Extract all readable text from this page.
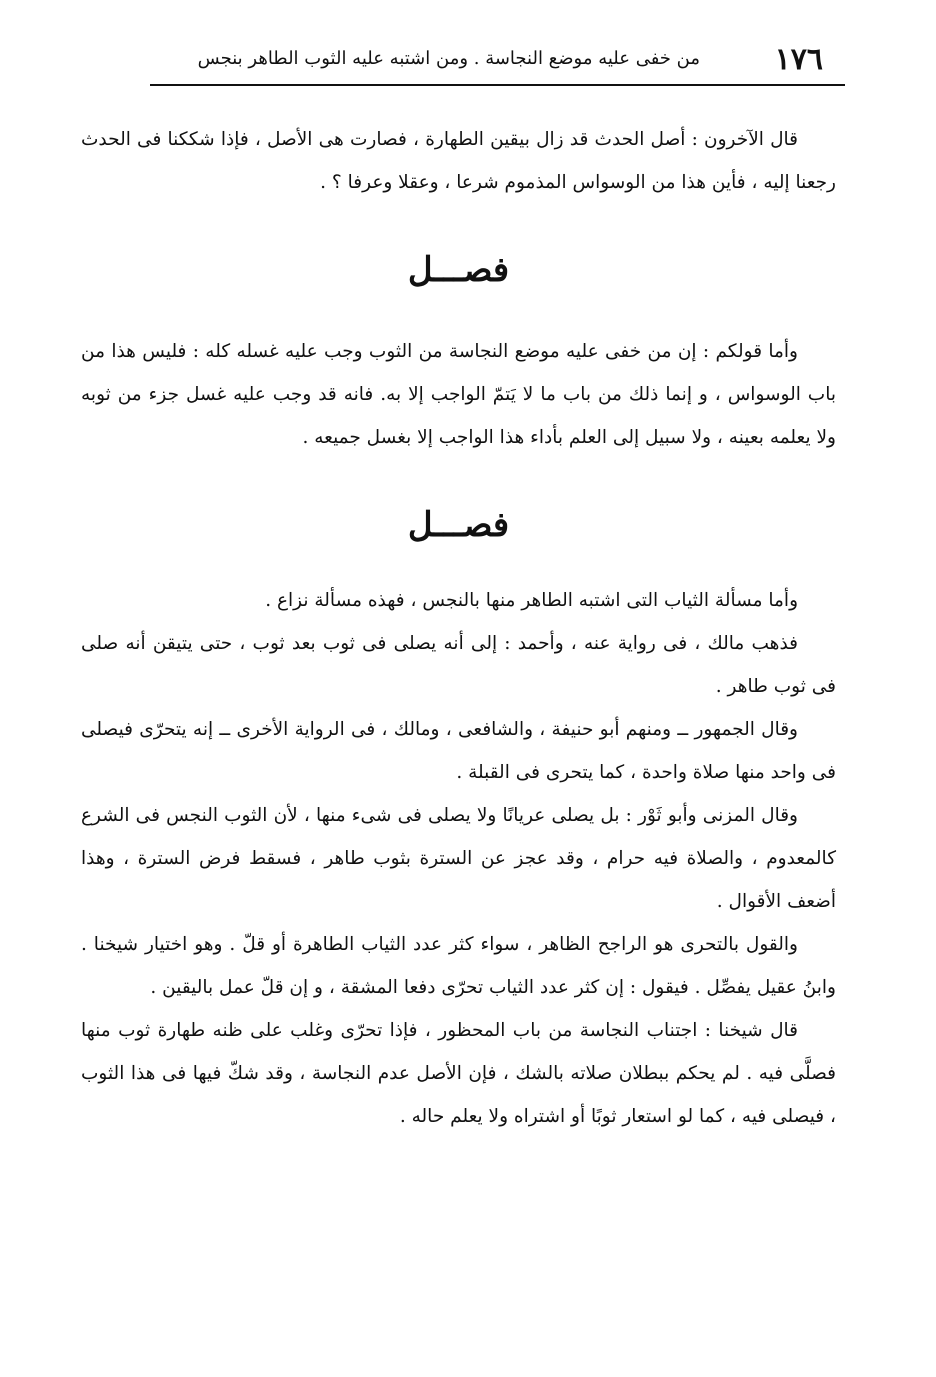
١٧٦
من خفى عليه موضع النجاسة . ومن اشتبه عليه الثوب الطاهر بنجس

قال الآخرون : أصل الحدث قد زال بيقين الطهارة ، فصارت هى الأصل ، فإذا شككنا فى الحدث رجعنا إليه ، فأين هذا من الوسواس المذموم شرعا ، وعقلا وعرفا ؟ .

فصـــل

وأما قولكم : إن من خفى عليه موضع النجاسة من الثوب وجب عليه غسله كله : فليس هذا من باب الوسواس ، و إنما ذلك من باب ما لا يَتمّ الواجب إلا به. فانه قد وجب عليه غسل جزء من ثوبه ولا يعلمه بعينه ، ولا سبيل إلى العلم بأداء هذا الواجب إلا بغسل جميعه .

فصـــل

وأما مسألة الثياب التى اشتبه الطاهر منها بالنجس ، فهذه مسألة نزاع .

فذهب مالك ، فى رواية عنه ، وأحمد : إلى أنه يصلى فى ثوب بعد ثوب ، حتى يتيقن أنه صلى فى ثوب طاهر .

وقال الجمهور ــ ومنهم أبو حنيفة ، والشافعى ، ومالك ، فى الرواية الأخرى ــ إنه يتحرّى فيصلى فى واحد منها صلاة واحدة ، كما يتحرى فى القبلة .

وقال المزنى وأبو ثَوْر : بل يصلى عريانًا ولا يصلى فى شىء منها ، لأن الثوب النجس فى الشرع كالمعدوم ، والصلاة فيه حرام ، وقد عجز عن السترة بثوب طاهر ، فسقط فرض السترة ، وهذا أضعف الأقوال .

والقول بالتحرى هو الراجح الظاهر ، سواء كثر عدد الثياب الطاهرة أو قلّ . وهو اختيار شيخنا . وابنُ عقيل يفصِّل . فيقول : إن كثر عدد الثياب تحرّى دفعا المشقة ، و إن قلّ عمل باليقين .

قال شيخنا : اجتناب النجاسة من باب المحظور ، فإذا تحرّى وغلب على ظنه طهارة ثوب منها فصلَّى فيه . لم يحكم ببطلان صلاته بالشك ، فإن الأصل عدم النجاسة ، وقد شكّ فيها فى هذا الثوب ، فيصلى فيه ، كما لو استعار ثوبًا أو اشتراه ولا يعلم حاله .
